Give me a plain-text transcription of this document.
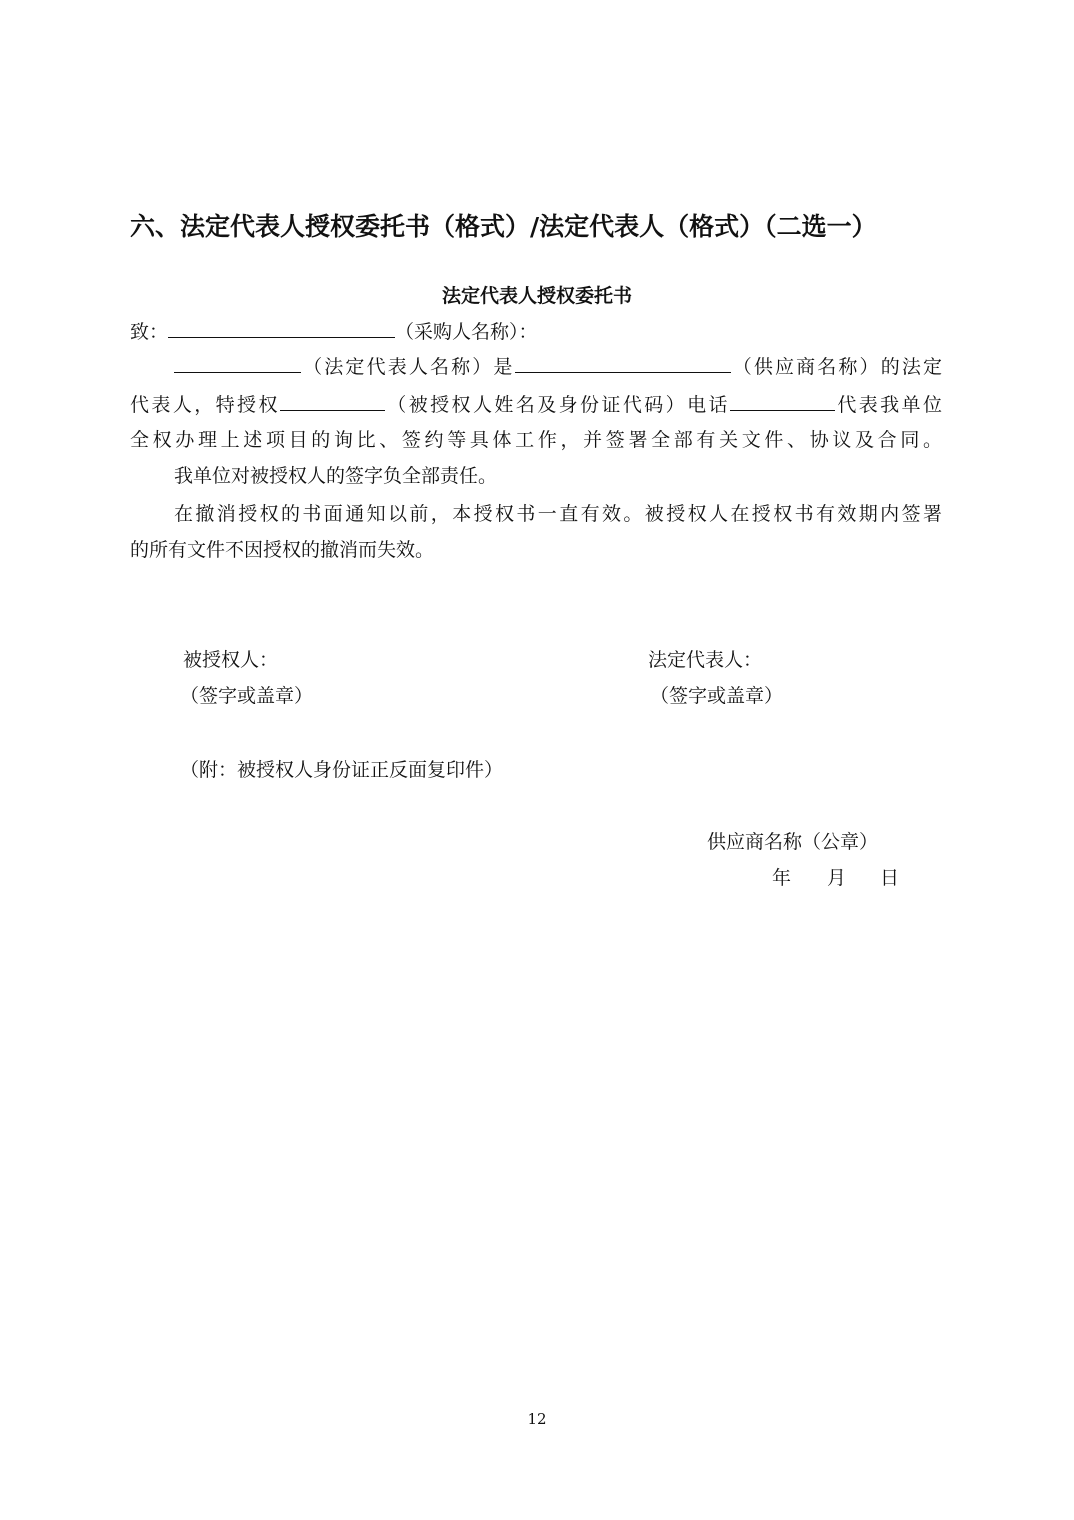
六、法定代表人授权委托书（格式）/法定代表人（格式）（二选一）
法定代表人授权委托书
致：	（采购人名称）：
（法定代表人名称）是	（供应商名称）的法定
代表人，特授权	（被授权人姓名及身份证代码）电话	代表我单位
全权办理上述项目的询比、签约等具体工作，并签署全部有关文件、协议及合同。
我单位对被授权人的签字负全部责任。
在撤消授权的书面通知以前，本授权书一直有效。被授权人在授权书有效期内签署
的所有文件不因授权的撤消而失效。
被授权人：
（签字或盖章）
法定代表人：
（签字或盖章）
（附：被授权人身份证正反面复印件）
供应商名称（公章）
年 月 日
12
